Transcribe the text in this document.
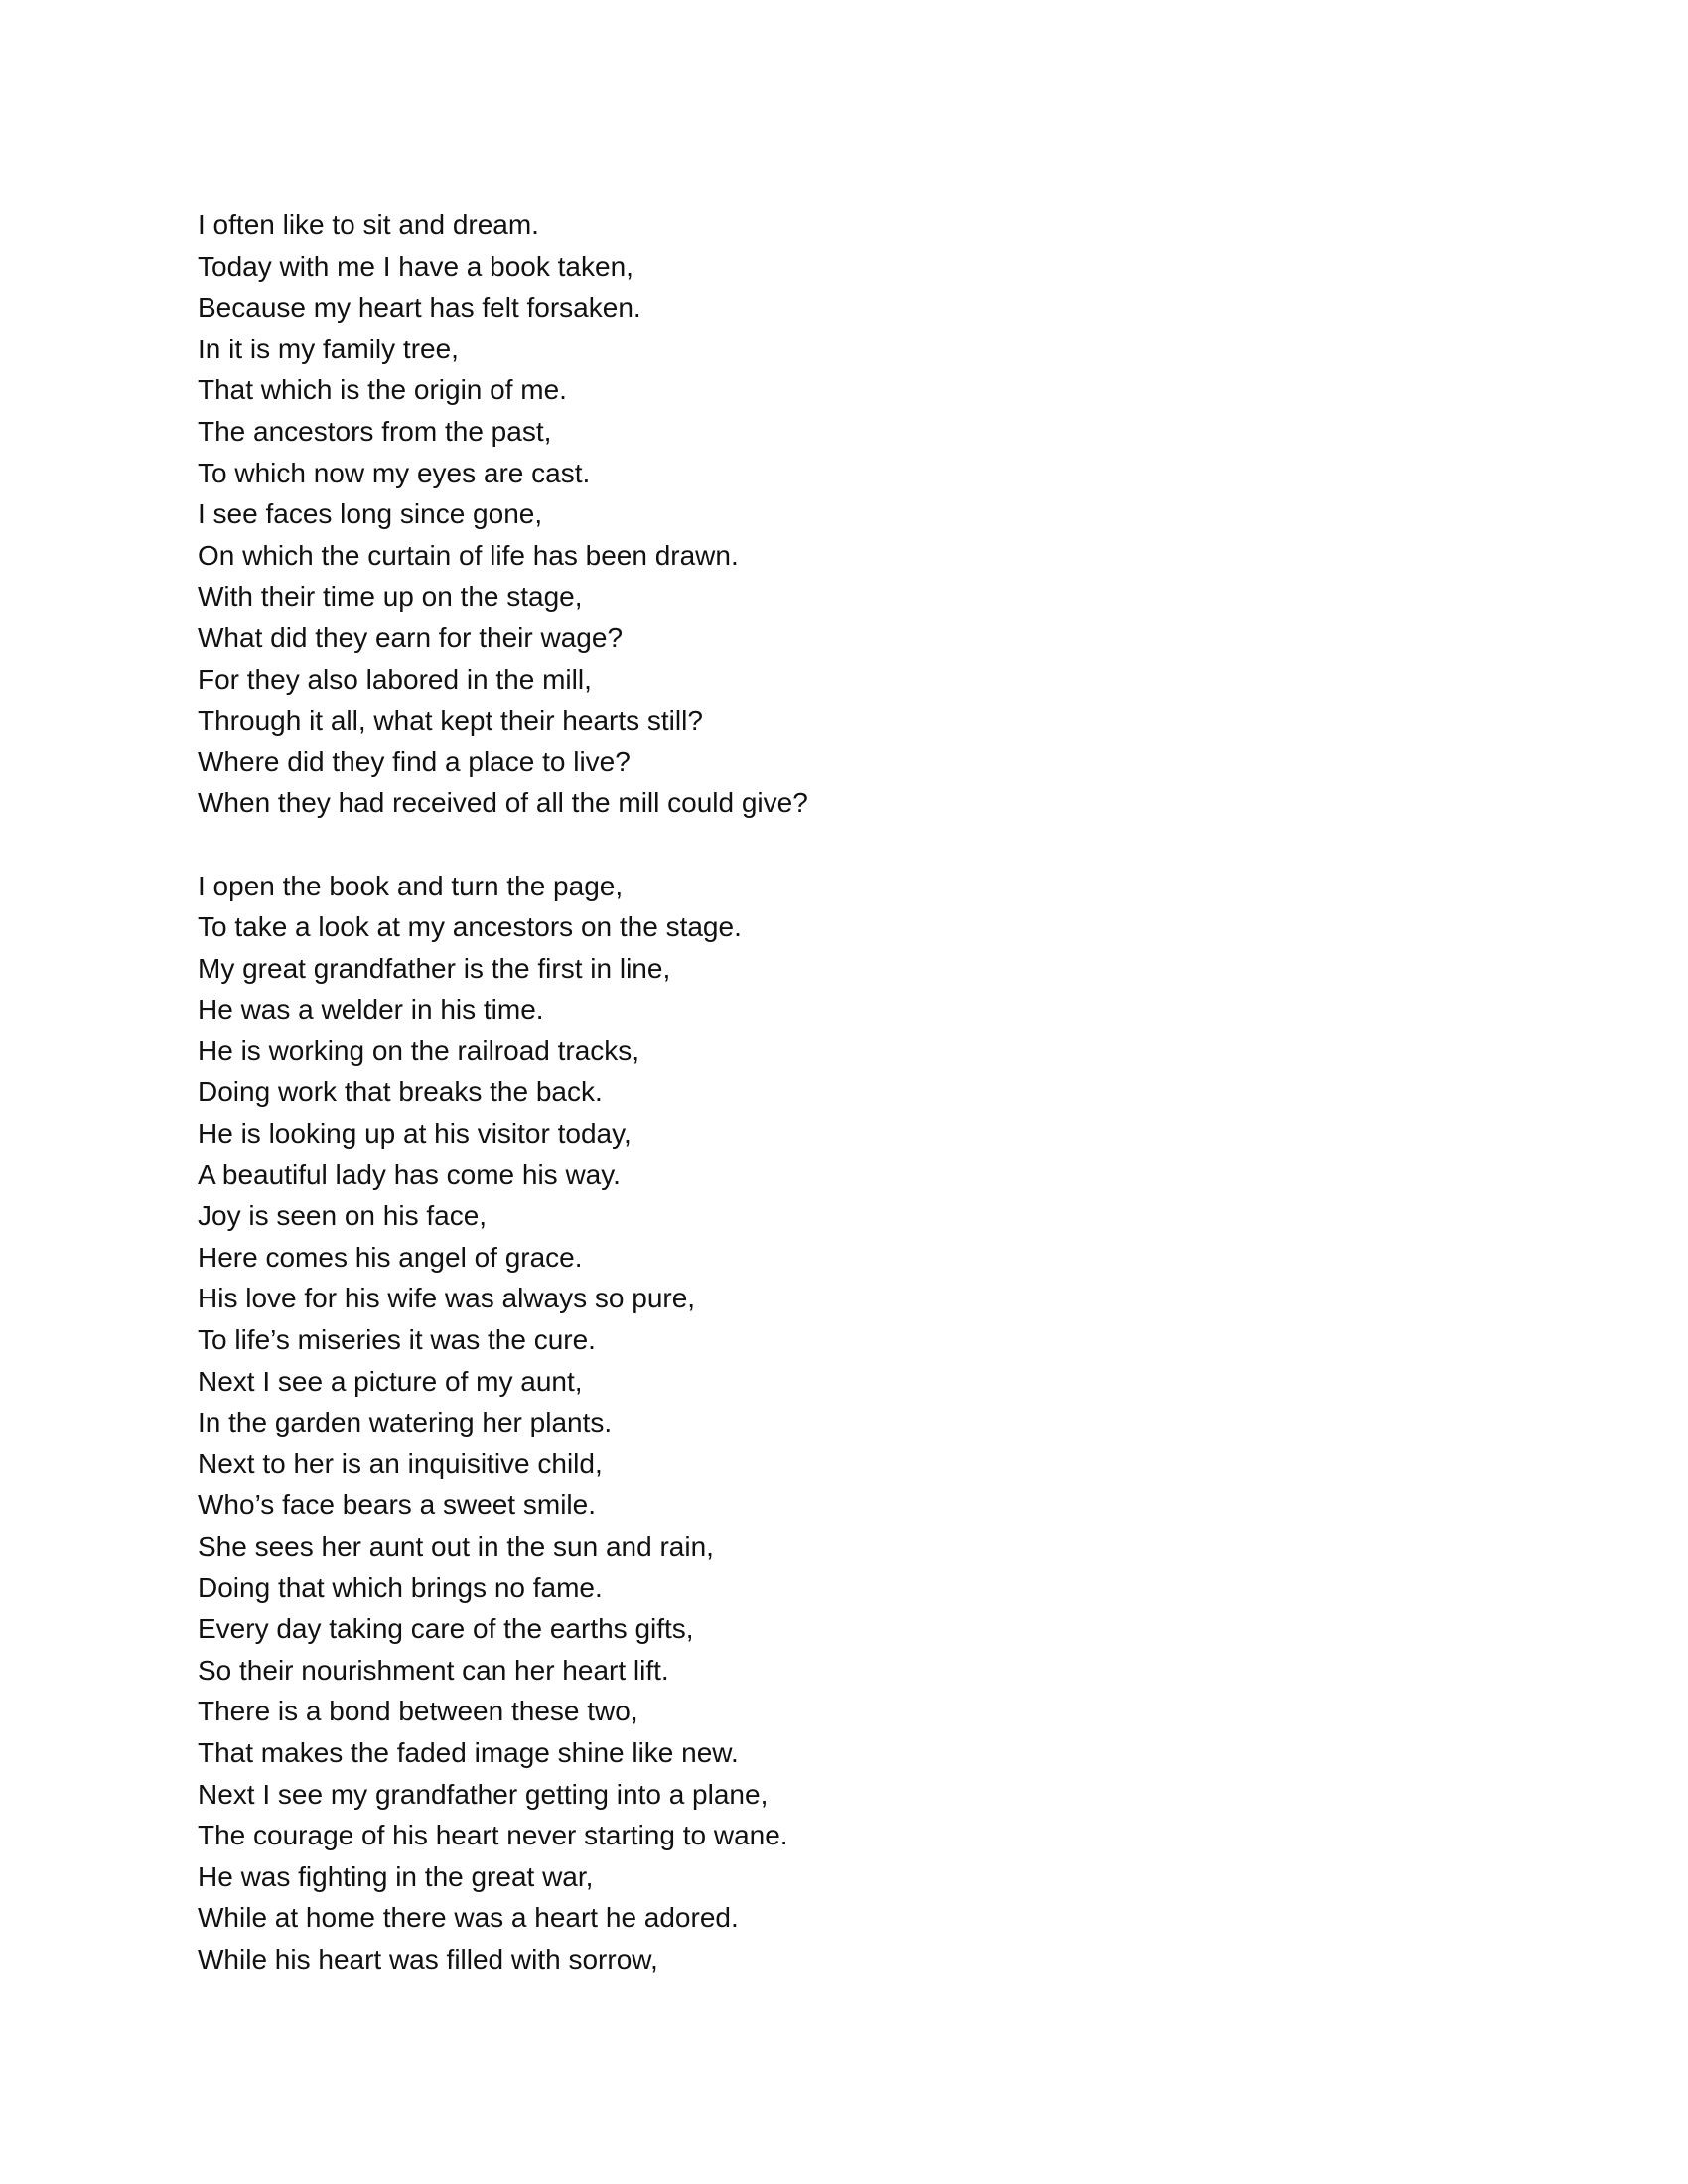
I often like to sit and dream.
Today with me I have a book taken,
Because my heart has felt forsaken.
In it is my family tree,
That which is the origin of me.
The ancestors from the past,
To which now my eyes are cast.
I see faces long since gone,
On which the curtain of life has been drawn.
With their time up on the stage,
What did they earn for their wage?
For they also labored in the mill,
Through it all, what kept their hearts still?
Where did they find a place to live?
When they had received of all the mill could give?
I open the book and turn the page,
To take a look at my ancestors on the stage.
My great grandfather is the first in line,
He was a welder in his time.
He is working on the railroad tracks,
Doing work that breaks the back.
He is looking up at his visitor today,
A beautiful lady has come his way.
Joy is seen on his face,
Here comes his angel of grace.
His love for his wife was always so pure,
To life’s miseries it was the cure.
Next I see a picture of my aunt,
In the garden watering her plants.
Next to her is an inquisitive child,
Who’s face bears a sweet smile.
She sees her aunt out in the sun and rain,
Doing that which brings no fame.
Every day taking care of the earths gifts,
So their nourishment can her heart lift.
There is a bond between these two,
That makes the faded image shine like new.
Next I see my grandfather getting into a plane,
The courage of his heart never starting to wane.
He was fighting in the great war,
While at home there was a heart he adored.
While his heart was filled with sorrow,
